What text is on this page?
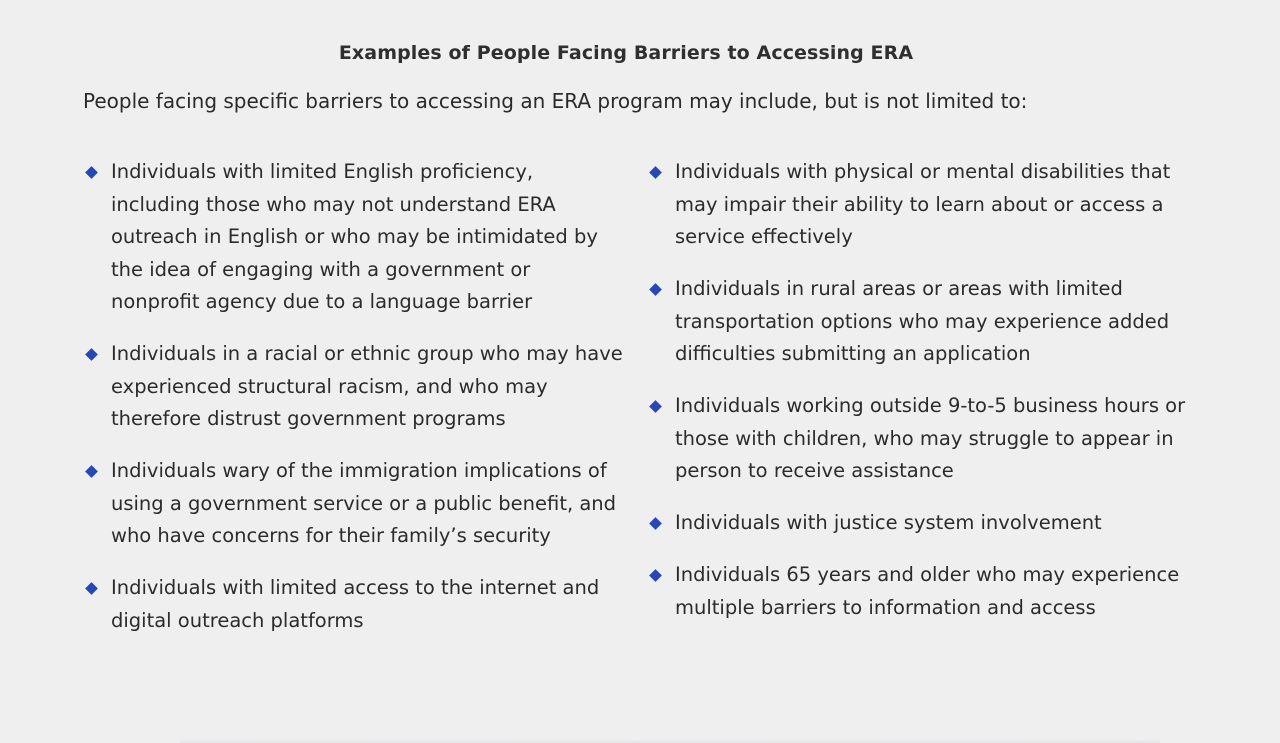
Examples of People Facing Barriers to Accessing ERA
People facing specific barriers to accessing an ERA program may include, but is not limited to:
Individuals with limited English proficiency, including those who may not understand ERA outreach in English or who may be intimidated by the idea of engaging with a government or nonprofit agency due to a language barrier
Individuals in a racial or ethnic group who may have experienced structural racism, and who may therefore distrust government programs
Individuals wary of the immigration implications of using a government service or a public benefit, and who have concerns for their family’s security
Individuals with limited access to the internet and digital outreach platforms
Individuals with physical or mental disabilities that may impair their ability to learn about or access a service effectively
Individuals in rural areas or areas with limited transportation options who may experience added difficulties submitting an application
Individuals working outside 9-to-5 business hours or those with children, who may struggle to appear in person to receive assistance
Individuals with justice system involvement
Individuals 65 years and older who may experience multiple barriers to information and access
